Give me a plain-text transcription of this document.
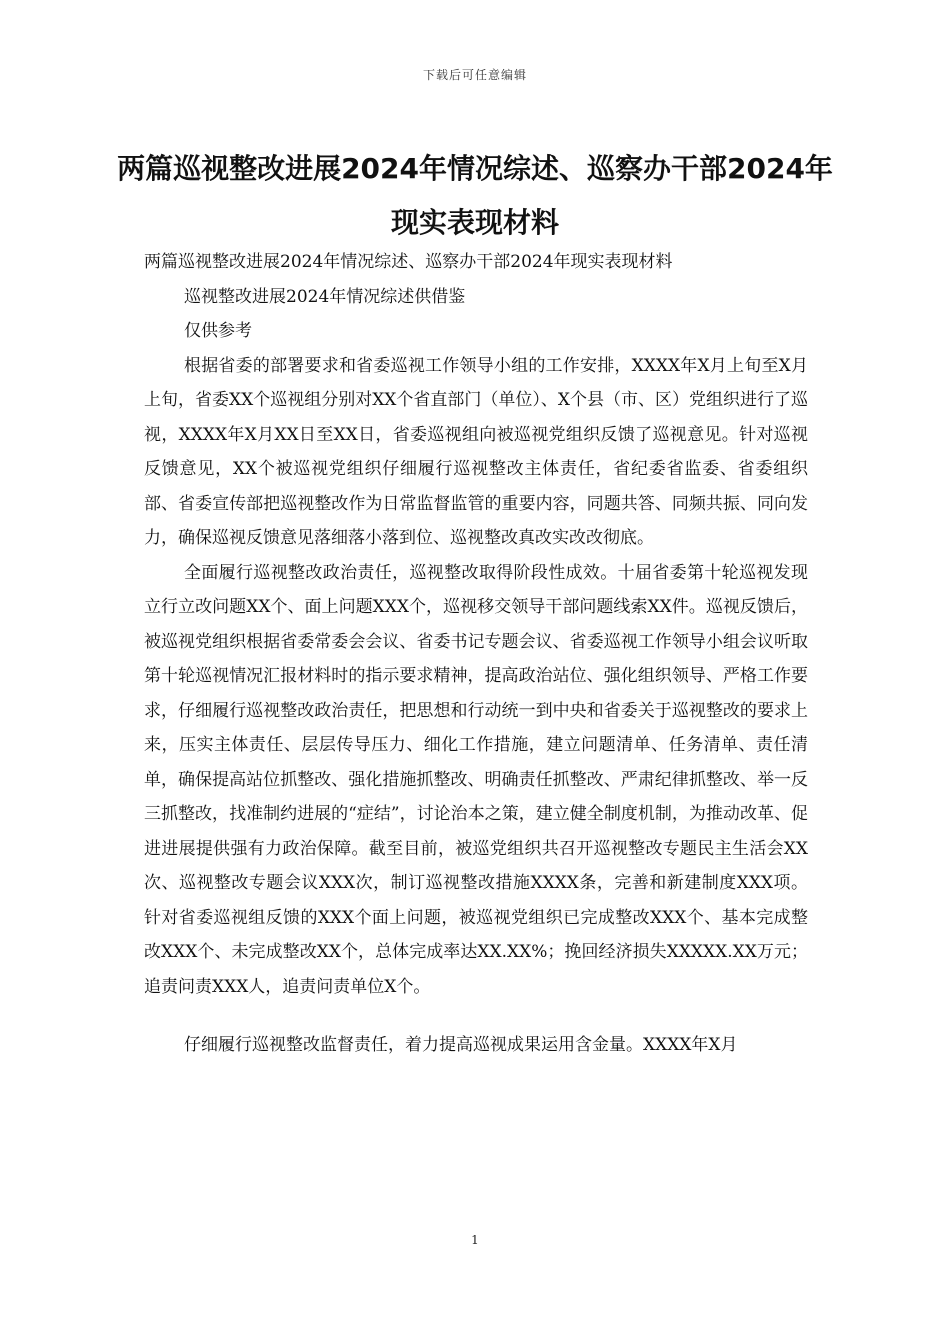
下载后可任意编辑
两篇巡视整改进展2024年情况综述、巡察办干部2024年现实表现材料

两篇巡视整改进展2024年情况综述、巡察办干部2024年现实表现材料

巡视整改进展2024年情况综述供借鉴

仅供参考

根据省委的部署要求和省委巡视工作领导小组的工作安排，XXXX年X月上旬至X月上旬，省委XX个巡视组分别对XX个省直部门（单位）、X个县（市、区）党组织进行了巡视，XXXX年X月XX日至XX日，省委巡视组向被巡视党组织反馈了巡视意见。针对巡视反馈意见，XX个被巡视党组织仔细履行巡视整改主体责任，省纪委省监委、省委组织部、省委宣传部把巡视整改作为日常监督监管的重要内容，同题共答、同频共振、同向发力，确保巡视反馈意见落细落小落到位、巡视整改真改实改改彻底。

全面履行巡视整改政治责任，巡视整改取得阶段性成效。十届省委第十轮巡视发现立行立改问题XX个、面上问题XXX个，巡视移交领导干部问题线索XX件。巡视反馈后，被巡视党组织根据省委常委会会议、省委书记专题会议、省委巡视工作领导小组会议听取第十轮巡视情况汇报材料时的指示要求精神，提高政治站位、强化组织领导、严格工作要求，仔细履行巡视整改政治责任，把思想和行动统一到中央和省委关于巡视整改的要求上来，压实主体责任、层层传导压力、细化工作措施，建立问题清单、任务清单、责任清单，确保提高站位抓整改、强化措施抓整改、明确责任抓整改、严肃纪律抓整改、举一反三抓整改，找准制约进展的“症结”，讨论治本之策，建立健全制度机制，为推动改革、促进进展提供强有力政治保障。截至目前，被巡党组织共召开巡视整改专题民主生活会XX次、巡视整改专题会议XXX次，制订巡视整改措施XXXX条，完善和新建制度XXX项。针对省委巡视组反馈的XXX个面上问题，被巡视党组织已完成整改XXX个、基本完成整改XXX个、未完成整改XX个，总体完成率达XX.XX%；挽回经济损失XXXXX.XX万元；追责问责XXX人，追责问责单位X个。

仔细履行巡视整改监督责任，着力提高巡视成果运用含金量。XXXX年X月

1
